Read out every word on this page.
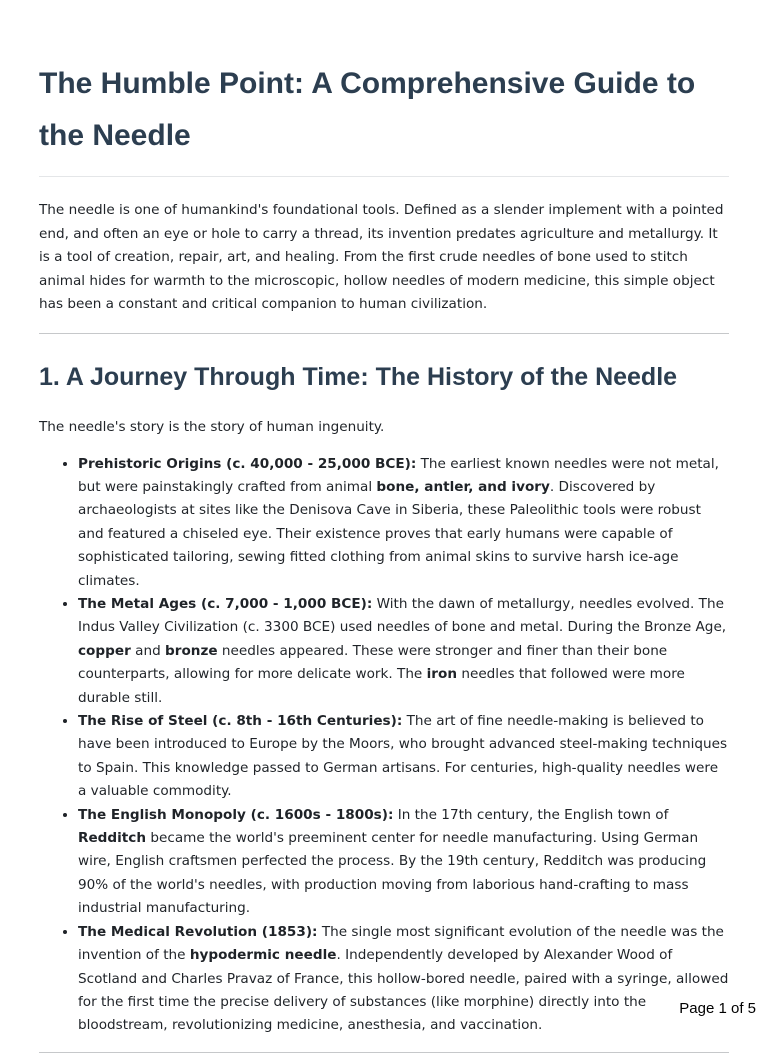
The Humble Point: A Comprehensive Guide to the Needle

The needle is one of humankind's foundational tools. Defined as a slender implement with a pointed end, and often an eye or hole to carry a thread, its invention predates agriculture and metallurgy. It is a tool of creation, repair, art, and healing. From the first crude needles of bone used to stitch animal hides for warmth to the microscopic, hollow needles of modern medicine, this simple object has been a constant and critical companion to human civilization.

1. A Journey Through Time: The History of the Needle

The needle's story is the story of human ingenuity.

• Prehistoric Origins (c. 40,000 - 25,000 BCE): The earliest known needles were not metal, but were painstakingly crafted from animal bone, antler, and ivory. Discovered by archaeologists at sites like the Denisova Cave in Siberia, these Paleolithic tools were robust and featured a chiseled eye. Their existence proves that early humans were capable of sophisticated tailoring, sewing fitted clothing from animal skins to survive harsh ice-age climates.
• The Metal Ages (c. 7,000 - 1,000 BCE): With the dawn of metallurgy, needles evolved. The Indus Valley Civilization (c. 3300 BCE) used needles of bone and metal. During the Bronze Age, copper and bronze needles appeared. These were stronger and finer than their bone counterparts, allowing for more delicate work. The iron needles that followed were more durable still.
• The Rise of Steel (c. 8th - 16th Centuries): The art of fine needle-making is believed to have been introduced to Europe by the Moors, who brought advanced steel-making techniques to Spain. This knowledge passed to German artisans. For centuries, high-quality needles were a valuable commodity.
• The English Monopoly (c. 1600s - 1800s): In the 17th century, the English town of Redditch became the world's preeminent center for needle manufacturing. Using German wire, English craftsmen perfected the process. By the 19th century, Redditch was producing 90% of the world's needles, with production moving from laborious hand-crafting to mass industrial manufacturing.
• The Medical Revolution (1853): The single most significant evolution of the needle was the invention of the hypodermic needle. Independently developed by Alexander Wood of Scotland and Charles Pravaz of France, this hollow-bored needle, paired with a syringe, allowed for the first time the precise delivery of substances (like morphine) directly into the bloodstream, revolutionizing medicine, anesthesia, and vaccination.
Page 1 of 5
